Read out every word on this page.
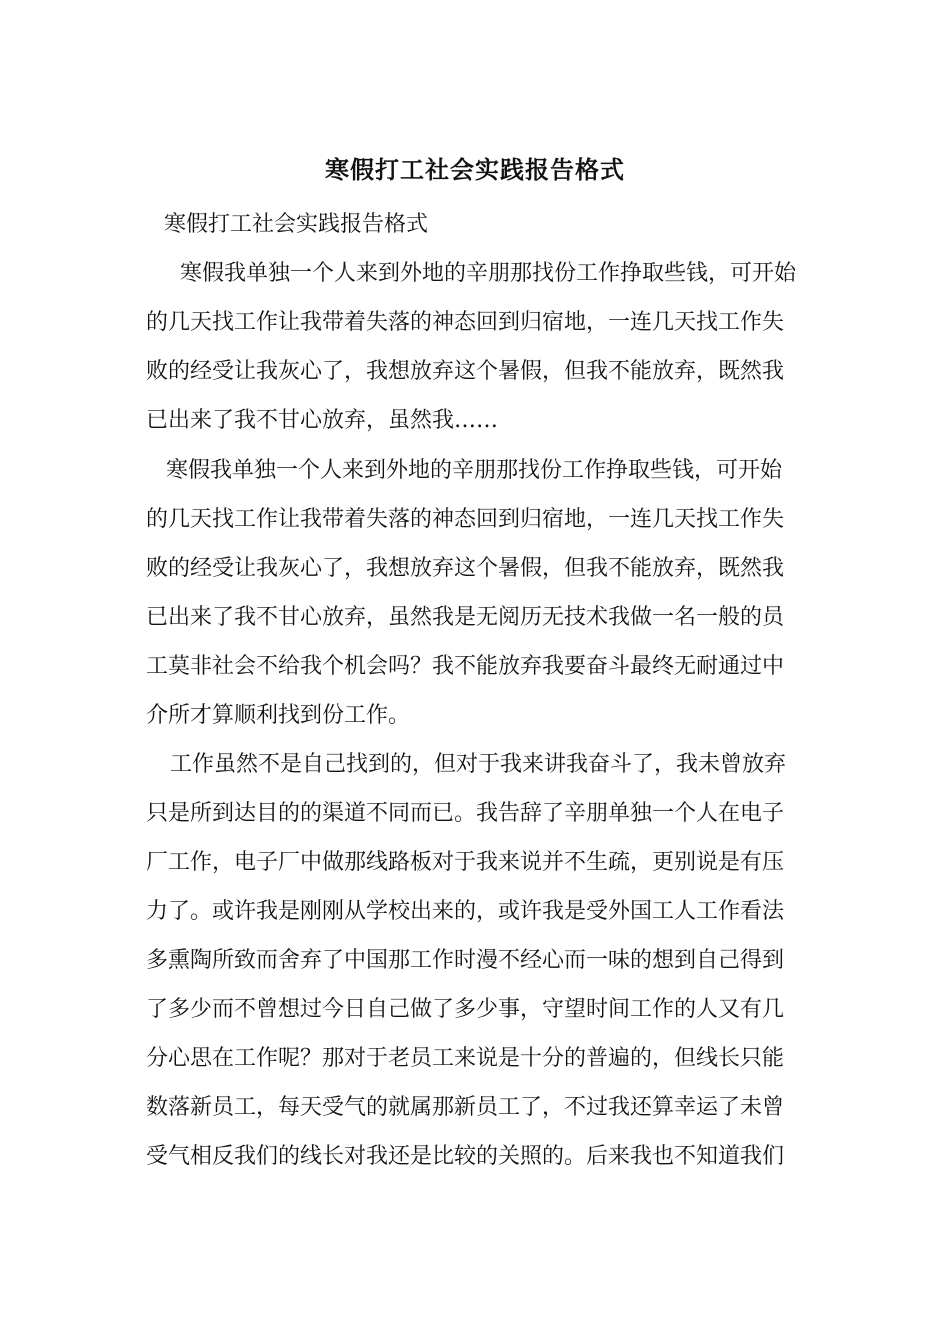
寒假打工社会实践报告格式
寒假打工社会实践报告格式
寒假我单独一个人来到外地的辛朋那找份工作挣取些钱，可开始
的几天找工作让我带着失落的神态回到归宿地，一连几天找工作失
败的经受让我灰心了，我想放弃这个暑假，但我不能放弃，既然我
已出来了我不甘心放弃，虽然我……
寒假我单独一个人来到外地的辛朋那找份工作挣取些钱，可开始
的几天找工作让我带着失落的神态回到归宿地，一连几天找工作失
败的经受让我灰心了，我想放弃这个暑假，但我不能放弃，既然我
已出来了我不甘心放弃，虽然我是无阅历无技术我做一名一般的员
工莫非社会不给我个机会吗？我不能放弃我要奋斗最终无耐通过中
介所才算顺利找到份工作。
工作虽然不是自己找到的，但对于我来讲我奋斗了，我未曾放弃
只是所到达目的的渠道不同而已。我告辞了辛朋单独一个人在电子
厂工作，电子厂中做那线路板对于我来说并不生疏，更别说是有压
力了。或许我是刚刚从学校出来的，或许我是受外国工人工作看法
多熏陶所致而舍弃了中国那工作时漫不经心而一味的想到自己得到
了多少而不曾想过今日自己做了多少事，守望时间工作的人又有几
分心思在工作呢？那对于老员工来说是十分的普遍的，但线长只能
数落新员工，每天受气的就属那新员工了，不过我还算幸运了未曾
受气相反我们的线长对我还是比较的关照的。后来我也不知道我们
